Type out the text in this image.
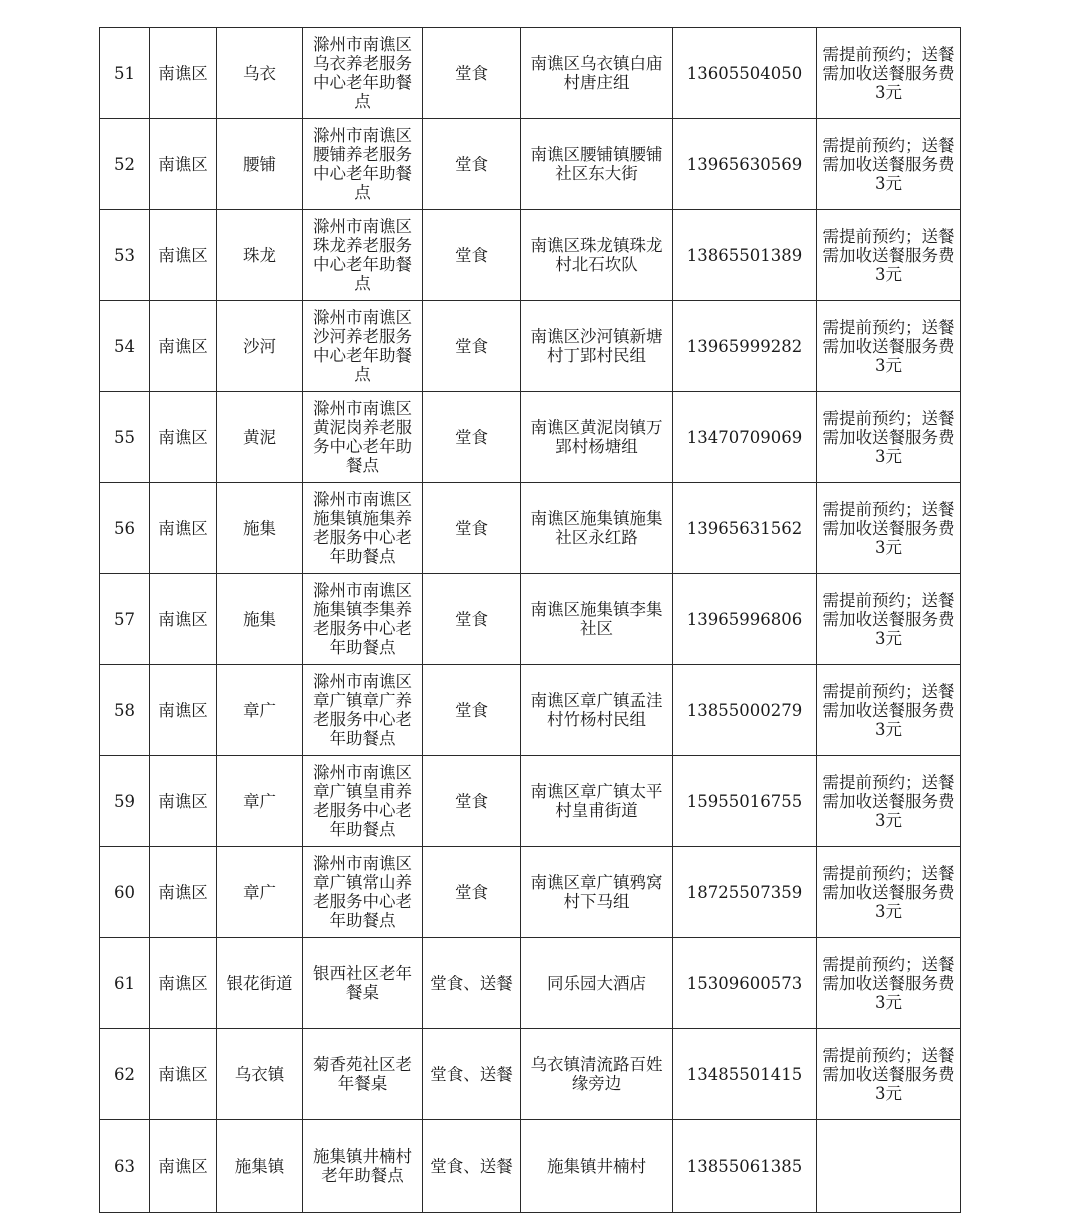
51	南谯区	乌衣	滁州市南谯区乌衣养老服务中心老年助餐点	堂食	南谯区乌衣镇白庙村唐庄组	13605504050	需提前预约；送餐需加收送餐服务费3元
52	南谯区	腰铺	滁州市南谯区腰铺养老服务中心老年助餐点	堂食	南谯区腰铺镇腰铺社区东大街	13965630569	需提前预约；送餐需加收送餐服务费3元
53	南谯区	珠龙	滁州市南谯区珠龙养老服务中心老年助餐点	堂食	南谯区珠龙镇珠龙村北石坎队	13865501389	需提前预约；送餐需加收送餐服务费3元
54	南谯区	沙河	滁州市南谯区沙河养老服务中心老年助餐点	堂食	南谯区沙河镇新塘村丁郢村民组	13965999282	需提前预约；送餐需加收送餐服务费3元
55	南谯区	黄泥	滁州市南谯区黄泥岗养老服务中心老年助餐点	堂食	南谯区黄泥岗镇万郢村杨塘组	13470709069	需提前预约；送餐需加收送餐服务费3元
56	南谯区	施集	滁州市南谯区施集镇施集养老服务中心老年助餐点	堂食	南谯区施集镇施集社区永红路	13965631562	需提前预约；送餐需加收送餐服务费3元
57	南谯区	施集	滁州市南谯区施集镇李集养老服务中心老年助餐点	堂食	南谯区施集镇李集社区	13965996806	需提前预约；送餐需加收送餐服务费3元
58	南谯区	章广	滁州市南谯区章广镇章广养老服务中心老年助餐点	堂食	南谯区章广镇孟洼村竹杨村民组	13855000279	需提前预约；送餐需加收送餐服务费3元
59	南谯区	章广	滁州市南谯区章广镇皇甫养老服务中心老年助餐点	堂食	南谯区章广镇太平村皇甫街道	15955016755	需提前预约；送餐需加收送餐服务费3元
60	南谯区	章广	滁州市南谯区章广镇常山养老服务中心老年助餐点	堂食	南谯区章广镇鸦窝村下马组	18725507359	需提前预约；送餐需加收送餐服务费3元
61	南谯区	银花街道	银西社区老年餐桌	堂食、送餐	同乐园大酒店	15309600573	需提前预约；送餐需加收送餐服务费3元
62	南谯区	乌衣镇	菊香苑社区老年餐桌	堂食、送餐	乌衣镇清流路百姓缘旁边	13485501415	需提前预约；送餐需加收送餐服务费3元
63	南谯区	施集镇	施集镇井楠村老年助餐点	堂食、送餐	施集镇井楠村	13855061385	
